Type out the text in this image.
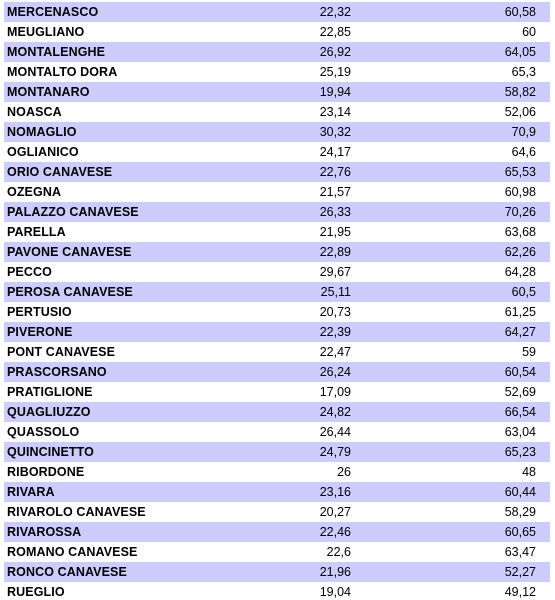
MERCENASCO	22,32	60,58
MEUGLIANO	22,85	60
MONTALENGHE	26,92	64,05
MONTALTO DORA	25,19	65,3
MONTANARO	19,94	58,82
NOASCA	23,14	52,06
NOMAGLIO	30,32	70,9
OGLIANICO	24,17	64,6
ORIO CANAVESE	22,76	65,53
OZEGNA	21,57	60,98
PALAZZO CANAVESE	26,33	70,26
PARELLA	21,95	63,68
PAVONE CANAVESE	22,89	62,26
PECCO	29,67	64,28
PEROSA CANAVESE	25,11	60,5
PERTUSIO	20,73	61,25
PIVERONE	22,39	64,27
PONT CANAVESE	22,47	59
PRASCORSANO	26,24	60,54
PRATIGLIONE	17,09	52,69
QUAGLIUZZO	24,82	66,54
QUASSOLO	26,44	63,04
QUINCINETTO	24,79	65,23
RIBORDONE	26	48
RIVARA	23,16	60,44
RIVAROLO CANAVESE	20,27	58,29
RIVAROSSA	22,46	60,65
ROMANO CANAVESE	22,6	63,47
RONCO CANAVESE	21,96	52,27
RUEGLIO	19,04	49,12
